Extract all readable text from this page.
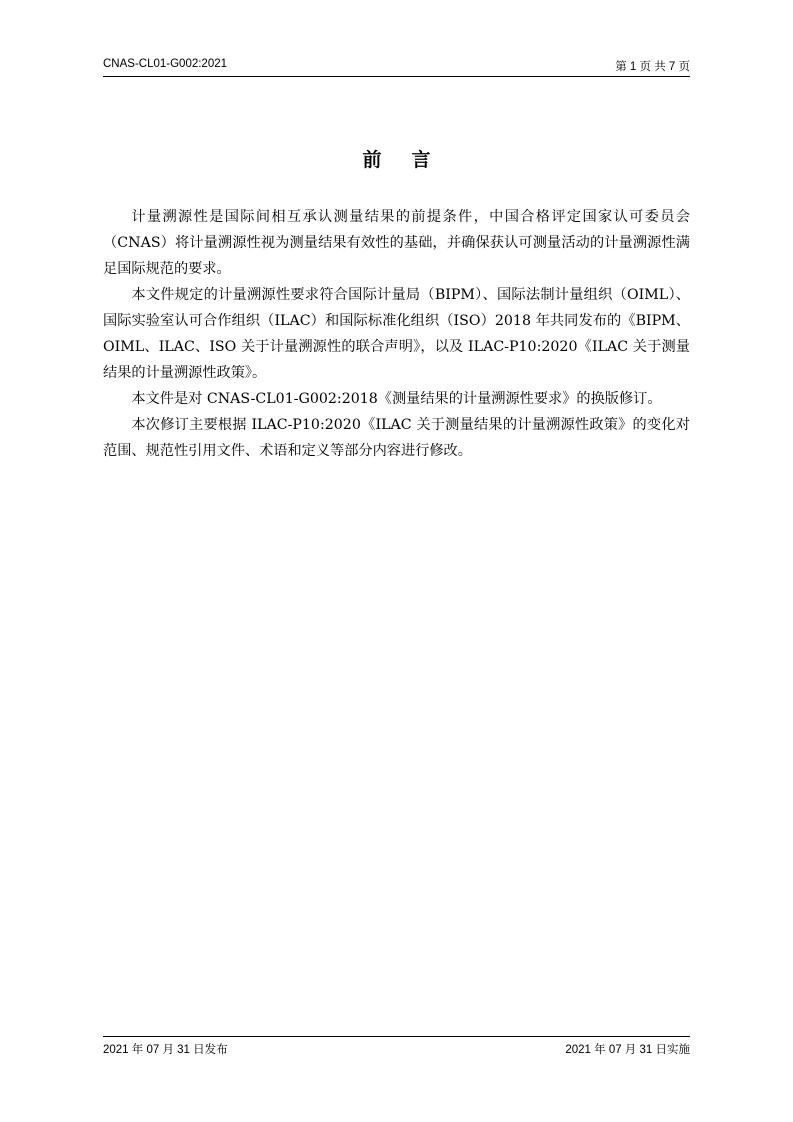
CNAS-CL01-G002:2021	第 1 页 共 7 页
前言

计量溯源性是国际间相互承认测量结果的前提条件，中国合格评定国家认可委员会（CNAS）将计量溯源性视为测量结果有效性的基础，并确保获认可测量活动的计量溯源性满足国际规范的要求。

本文件规定的计量溯源性要求符合国际计量局（BIPM）、国际法制计量组织（OIML）、国际实验室认可合作组织（ILAC）和国际标准化组织（ISO）2018 年共同发布的《BIPM、OIML、ILAC、ISO 关于计量溯源性的联合声明》，以及 ILAC-P10:2020《ILAC 关于测量结果的计量溯源性政策》。

本文件是对 CNAS-CL01-G002:2018《测量结果的计量溯源性要求》的换版修订。

本次修订主要根据 ILAC-P10:2020《ILAC 关于测量结果的计量溯源性政策》的变化对范围、规范性引用文件、术语和定义等部分内容进行修改。

2021 年 07 月 31 日发布	2021 年 07 月 31 日实施
